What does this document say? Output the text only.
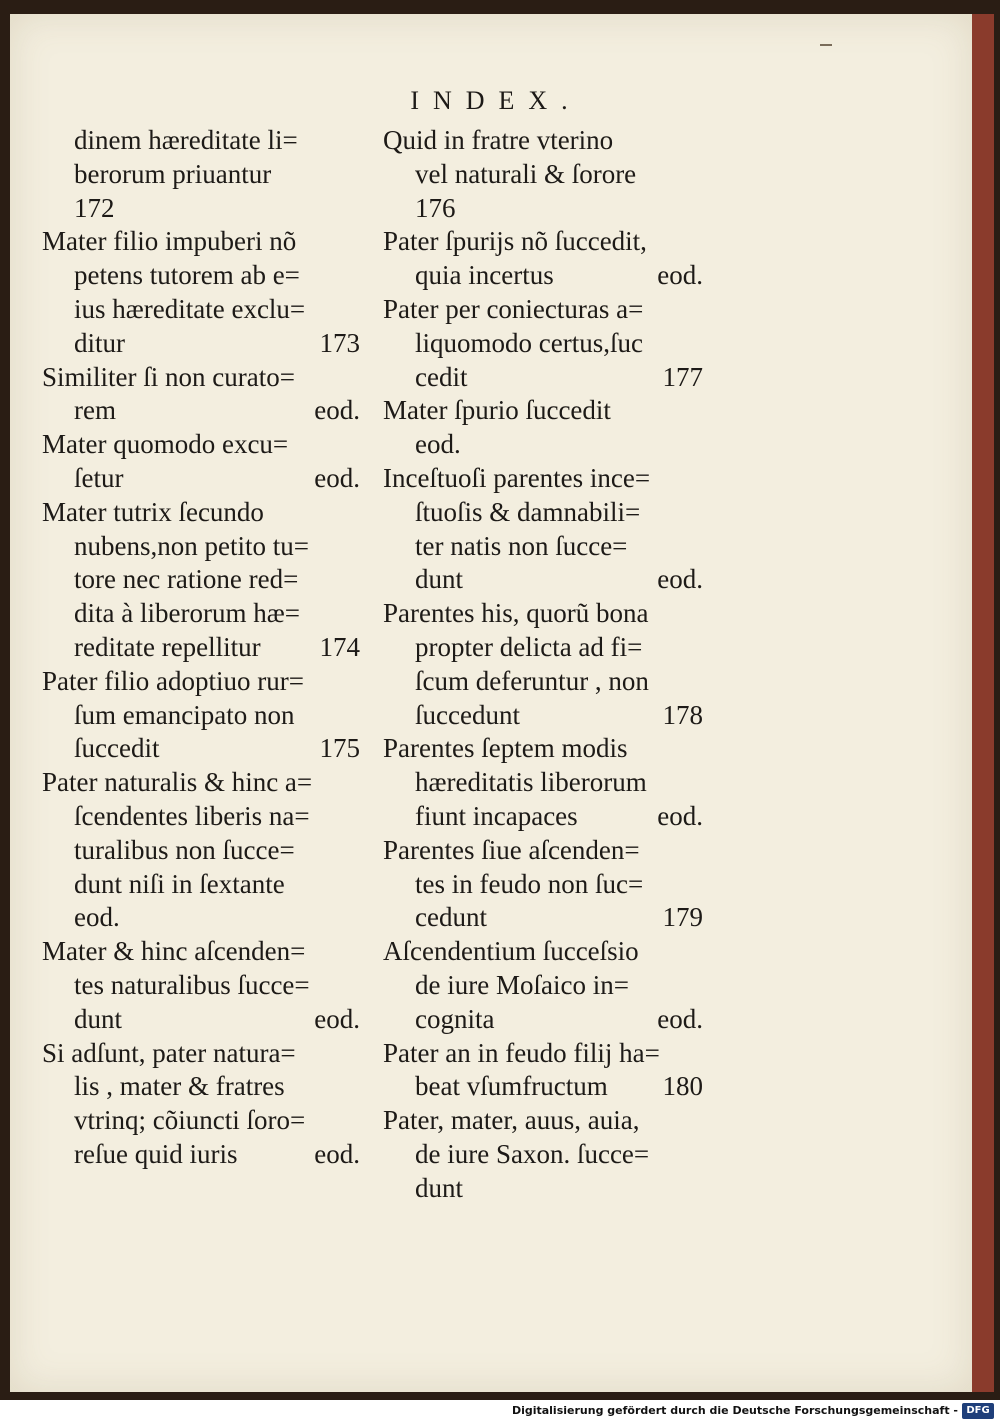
INDEX.
dinem hæreditate li=
berorum priuantur
172
Mater filio impuberi nõ
petens tutorem ab e=
ius hæreditate exclu=
ditur	173
Similiter ſi non curato=
rem	eod.
Mater quomodo excu=
ſetur	eod.
Mater tutrix ſecundo
nubens,non petito tu=
tore nec ratione red=
dita à liberorum hæ=
reditate repellitur 174
Pater filio adoptiuo rur=
ſum emancipato non
ſuccedit	175
Pater naturalis & hinc a=
ſcendentes liberis na=
turalibus non ſucce=
dunt niſi in ſextante
eod.
Mater & hinc aſcenden=
tes naturalibus ſucce=
dunt	eod.
Si adſunt, pater natura=
lis , mater & fratres
vtrinq; cõiuncti ſoro=
reſue quid iuris	eod.
Quid in fratre vterino
vel naturali & ſorore
176
Pater ſpurijs nõ ſuccedit,
quia incertus	eod.
Pater per coniecturas a=
liquomodo certus,ſuc
cedit	177
Mater ſpurio ſuccedit
eod.
Inceſtuoſi parentes ince=
ſtuoſis & damnabili=
ter natis non ſucce=
dunt	eod.
Parentes his, quorũ bona
propter delicta ad fi=
ſcum deferuntur , non
ſuccedunt	178
Parentes ſeptem modis
hæreditatis liberorum
fiunt incapaces	eod.
Parentes ſiue aſcenden=
tes in feudo non ſuc=
cedunt	179
Aſcendentium ſucceſsio
de iure Moſaico in=
cognita	eod.
Pater an in feudo filij ha=
beat vſumfructum 180
Pater, mater, auus, auia,
de iure Saxon. ſucce=
dunt
Digitalisierung gefördert durch die Deutsche Forschungsgemeinschaft - DFG
